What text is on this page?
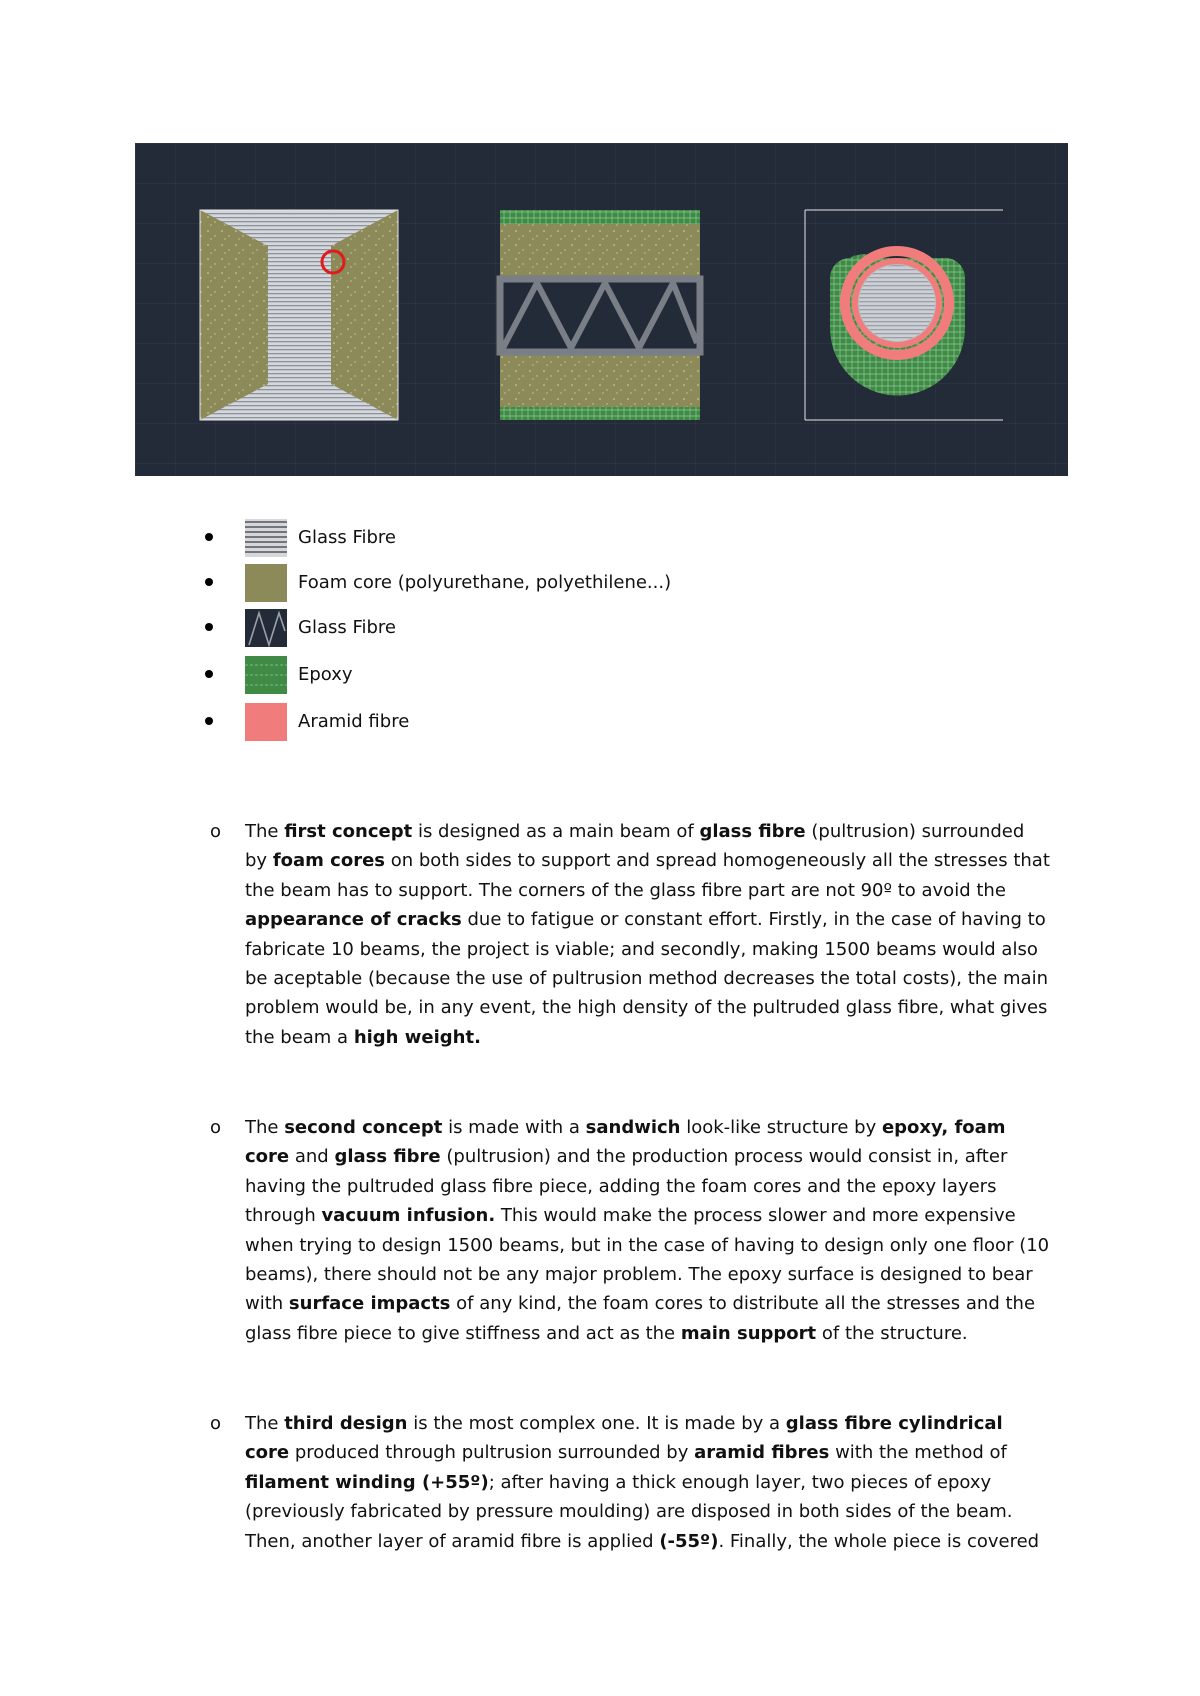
Glass Fibre
Foam core (polyurethane, polyethilene...)
Glass Fibre
Epoxy
Aramid fibre
o The first concept is designed as a main beam of glass fibre (pultrusion) surrounded by foam cores on both sides to support and spread homogeneously all the stresses that the beam has to support. The corners of the glass fibre part are not 90º to avoid the appearance of cracks due to fatigue or constant effort. Firstly, in the case of having to fabricate 10 beams, the project is viable; and secondly, making 1500 beams would also be aceptable (because the use of pultrusion method decreases the total costs), the main problem would be, in any event, the high density of the pultruded glass fibre, what gives the beam a high weight.
o The second concept is made with a sandwich look-like structure by epoxy, foam core and glass fibre (pultrusion) and the production process would consist in, after having the pultruded glass fibre piece, adding the foam cores and the epoxy layers through vacuum infusion. This would make the process slower and more expensive when trying to design 1500 beams, but in the case of having to design only one floor (10 beams), there should not be any major problem. The epoxy surface is designed to bear with surface impacts of any kind, the foam cores to distribute all the stresses and the glass fibre piece to give stiffness and act as the main support of the structure.
o The third design is the most complex one. It is made by a glass fibre cylindrical core produced through pultrusion surrounded by aramid fibres with the method of filament winding (+55º); after having a thick enough layer, two pieces of epoxy (previously fabricated by pressure moulding) are disposed in both sides of the beam. Then, another layer of aramid fibre is applied (-55º). Finally, the whole piece is covered
